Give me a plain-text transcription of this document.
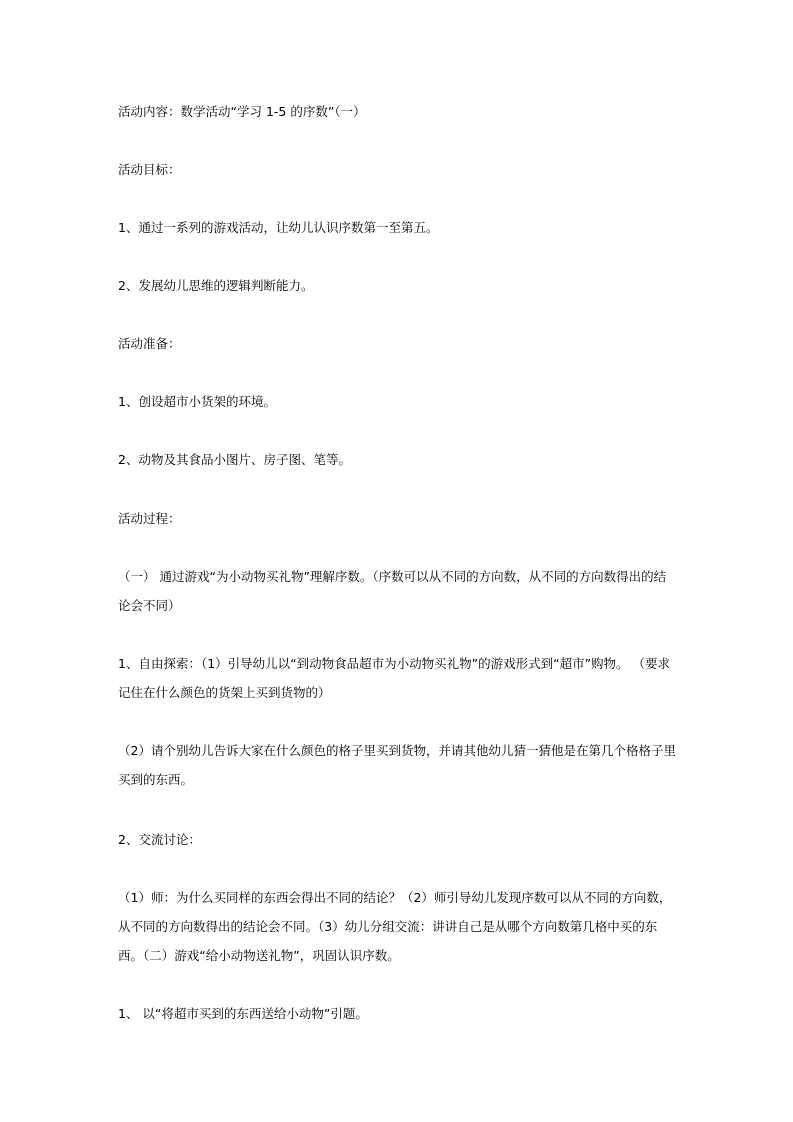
活动内容：数学活动“学习 1-5 的序数”（一）

活动目标：

1、通过一系列的游戏活动，让幼儿认识序数第一至第五。

2、发展幼儿思维的逻辑判断能力。

活动准备：

1、创设超市小货架的环境。

2、动物及其食品小图片、房子图、笔等。

活动过程：

（一） 通过游戏“为小动物买礼物”理解序数。（序数可以从不同的方向数，从不同的方向数得出的结论会不同）

1、自由探索：（1）引导幼儿以“到动物食品超市为小动物买礼物”的游戏形式到“超市”购物。 （要求记住在什么颜色的货架上买到货物的）

（2）请个别幼儿告诉大家在什么颜色的格子里买到货物，并请其他幼儿猜一猜他是在第几个格格子里买到的东西。

2、交流讨论：

（1）师：为什么买同样的东西会得出不同的结论？（2）师引导幼儿发现序数可以从不同的方向数，从不同的方向数得出的结论会不同。（3）幼儿分组交流：讲讲自己是从哪个方向数第几格中买的东西。（二）游戏“给小动物送礼物”，巩固认识序数。

1、 以“将超市买到的东西送给小动物”引题。
